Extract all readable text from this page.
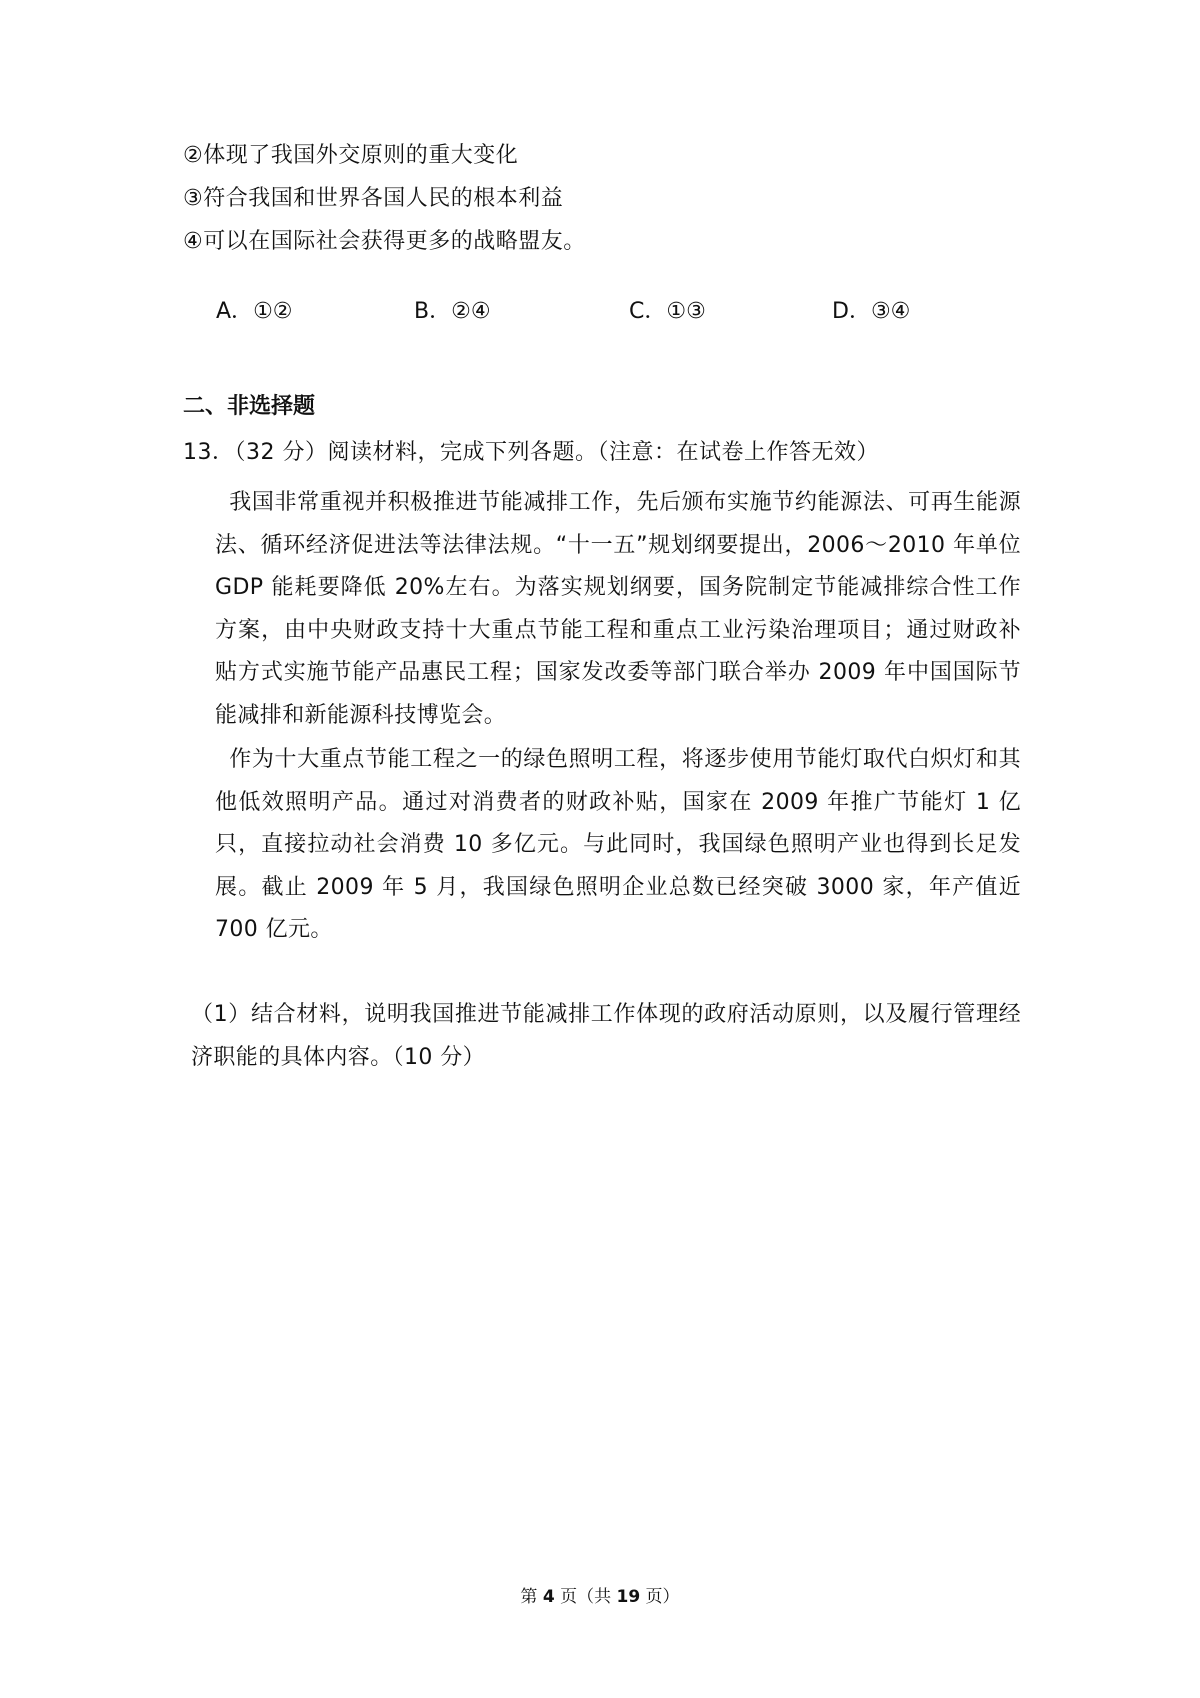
②体现了我国外交原则的重大变化
③符合我国和世界各国人民的根本利益
④可以在国际社会获得更多的战略盟友。
A．①②	B．②④	C．①③	D．③④
二、非选择题
13．（32 分）阅读材料，完成下列各题。（注意：在试卷上作答无效）
我国非常重视并积极推进节能减排工作，先后颁布实施节约能源法、可再生能源法、循环经济促进法等法律法规。“十一五”规划纲要提出，2006～2010 年单位 GDP 能耗要降低 20%左右。为落实规划纲要，国务院制定节能减排综合性工作方案，由中央财政支持十大重点节能工程和重点工业污染治理项目；通过财政补贴方式实施节能产品惠民工程；国家发改委等部门联合举办 2009 年中国国际节能减排和新能源科技博览会。
作为十大重点节能工程之一的绿色照明工程，将逐步使用节能灯取代白炽灯和其他低效照明产品。通过对消费者的财政补贴，国家在 2009 年推广节能灯 1 亿只，直接拉动社会消费 10 多亿元。与此同时，我国绿色照明产业也得到长足发展。截止 2009 年 5 月，我国绿色照明企业总数已经突破 3000 家，年产值近 700 亿元。
（1）结合材料，说明我国推进节能减排工作体现的政府活动原则，以及履行管理经济职能的具体内容。（10 分）
第 4 页（共 19 页）
